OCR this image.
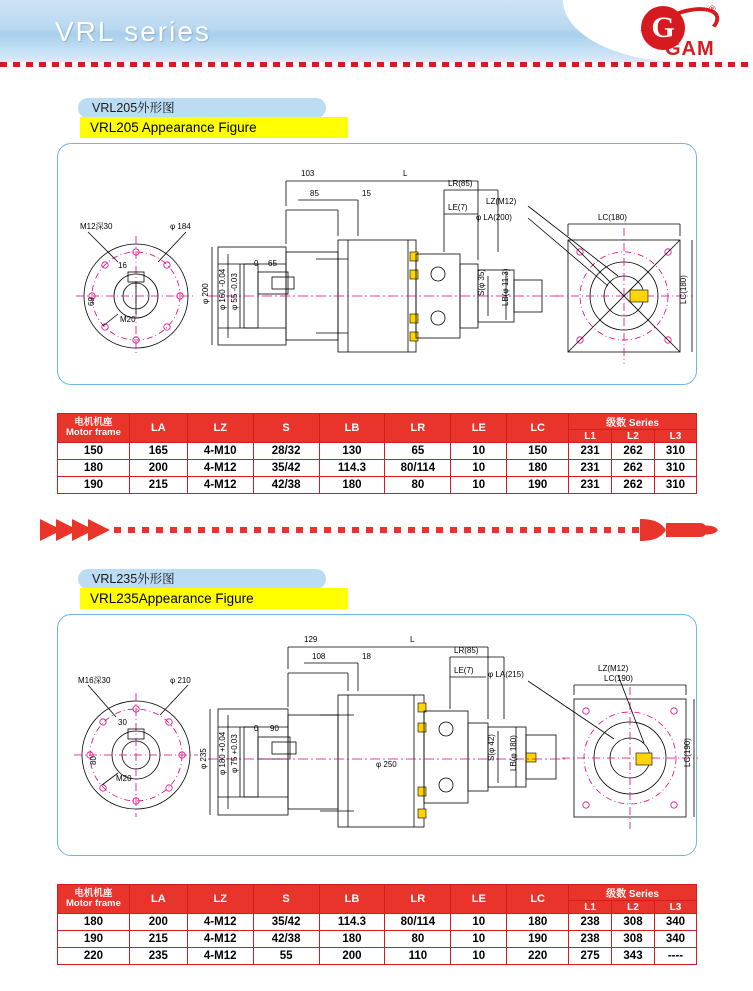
VRL series	G
GAM
®
VRL205外形图
VRL205 Appearance Figure
M12深30	φ 184
16
M20
69
103	L
85	15
LR(85)
LE(7)
φ 200 φ 160 -0.04 φ 55 -0.03
0 65
S(φ 35) LB(φ 11.3)
LC(180)
LC(180)
LZ(M12)
φ LA(200)
电机机座
Motor frame	LA	LZ	S	LB	LR	LE	LC	级数 Series		
								L1	L2	L3
150	165	4-M10	28/32	130	65	10	150	231	262	310
180	200	4-M12	35/42	114.3	80/114	10	180	231	262	310
190	215	4-M12	42/38	180	80	10	190	231	262	310
VRL235外形图
VRL235Appearance Figure
M16深30	φ 210
30
M20
80
129	L
108	18
LR(85)
LE(7)
φ 235 φ 180 +0.04 φ 75 +0.03
0 90
φ 250
S(φ 42) LB(φ 180)
LC(190)
LC(190)
φ LA(215)
LZ(M12)
电机机座
Motor frame	LA	LZ	S	LB	LR	LE	LC	级数 Series		
								L1	L2	L3
180	200	4-M12	35/42	114.3	80/114	10	180	238	308	340
190	215	4-M12	42/38	180	80	10	190	238	308	340
220	235	4-M12	55	200	110	10	220	275	343	----
